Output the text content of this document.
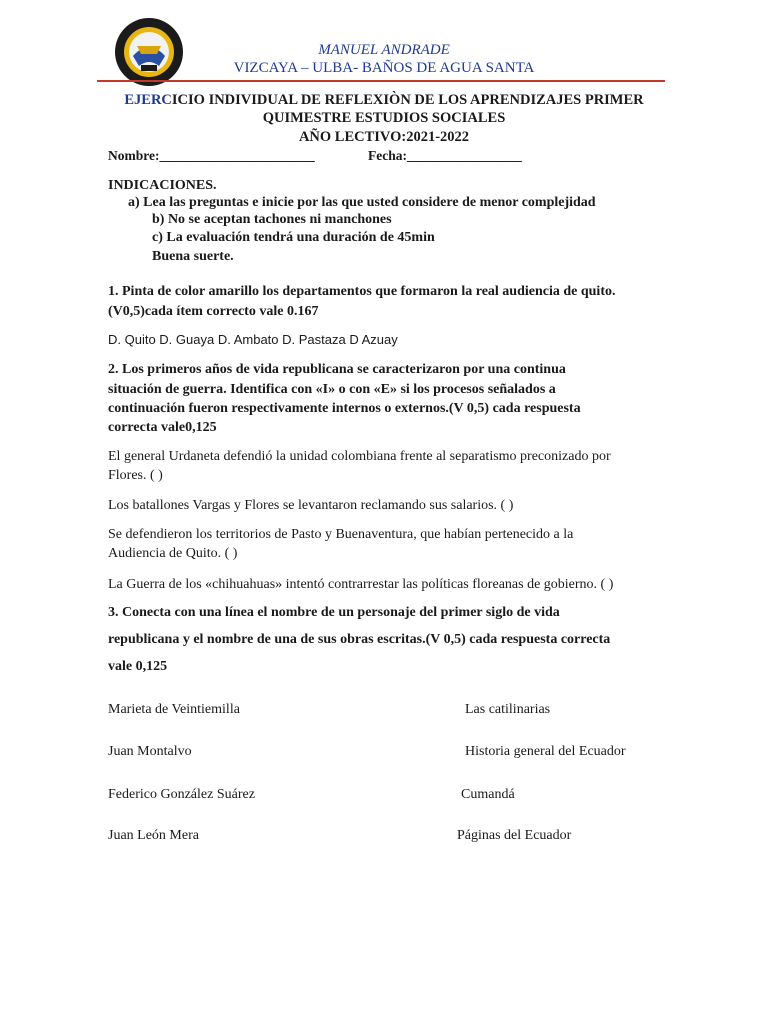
MANUEL ANDRADE
VIZCAYA – ULBA- BAÑOS DE AGUA SANTA
EJERCICIO INDIVIDUAL DE REFLEXIÒN DE LOS APRENDIZAJES PRIMER
QUIMESTRE ESTUDIOS SOCIALES
AÑO LECTIVO:2021-2022
Nombre:_______________________	Fecha:_________________
INDICACIONES.
a) Lea las preguntas e inicie por las que usted considere de menor complejidad
b) No se aceptan tachones ni manchones
c) La evaluación tendrá una duración de 45min
Buena suerte.
1. Pinta de color amarillo los departamentos que formaron la real audiencia de quito.
(V0,5)cada ítem correcto vale 0.167
D. Quito D. Guaya D. Ambato D. Pastaza D Azuay
2. Los primeros años de vida republicana se caracterizaron por una continua
situación de guerra. Identifica con «I» o con «E» si los procesos señalados a
continuación fueron respectivamente internos o externos.(V 0,5) cada respuesta
correcta vale0,125
El general Urdaneta defendió la unidad colombiana frente al separatismo preconizado por
Flores. ( )
Los batallones Vargas y Flores se levantaron reclamando sus salarios. ( )
Se defendieron los territorios de Pasto y Buenaventura, que habían pertenecido a la
Audiencia de Quito. ( )
La Guerra de los «chihuahuas» intentó contrarrestar las políticas floreanas de gobierno. ( )
3. Conecta con una línea el nombre de un personaje del primer siglo de vida
republicana y el nombre de una de sus obras escritas.(V 0,5) cada respuesta correcta
vale 0,125
Marieta de Veintiemilla
Juan Montalvo
Federico González Suárez
Juan León Mera
Las catilinarias
Historia general del Ecuador
Cumandá
Páginas del Ecuador
